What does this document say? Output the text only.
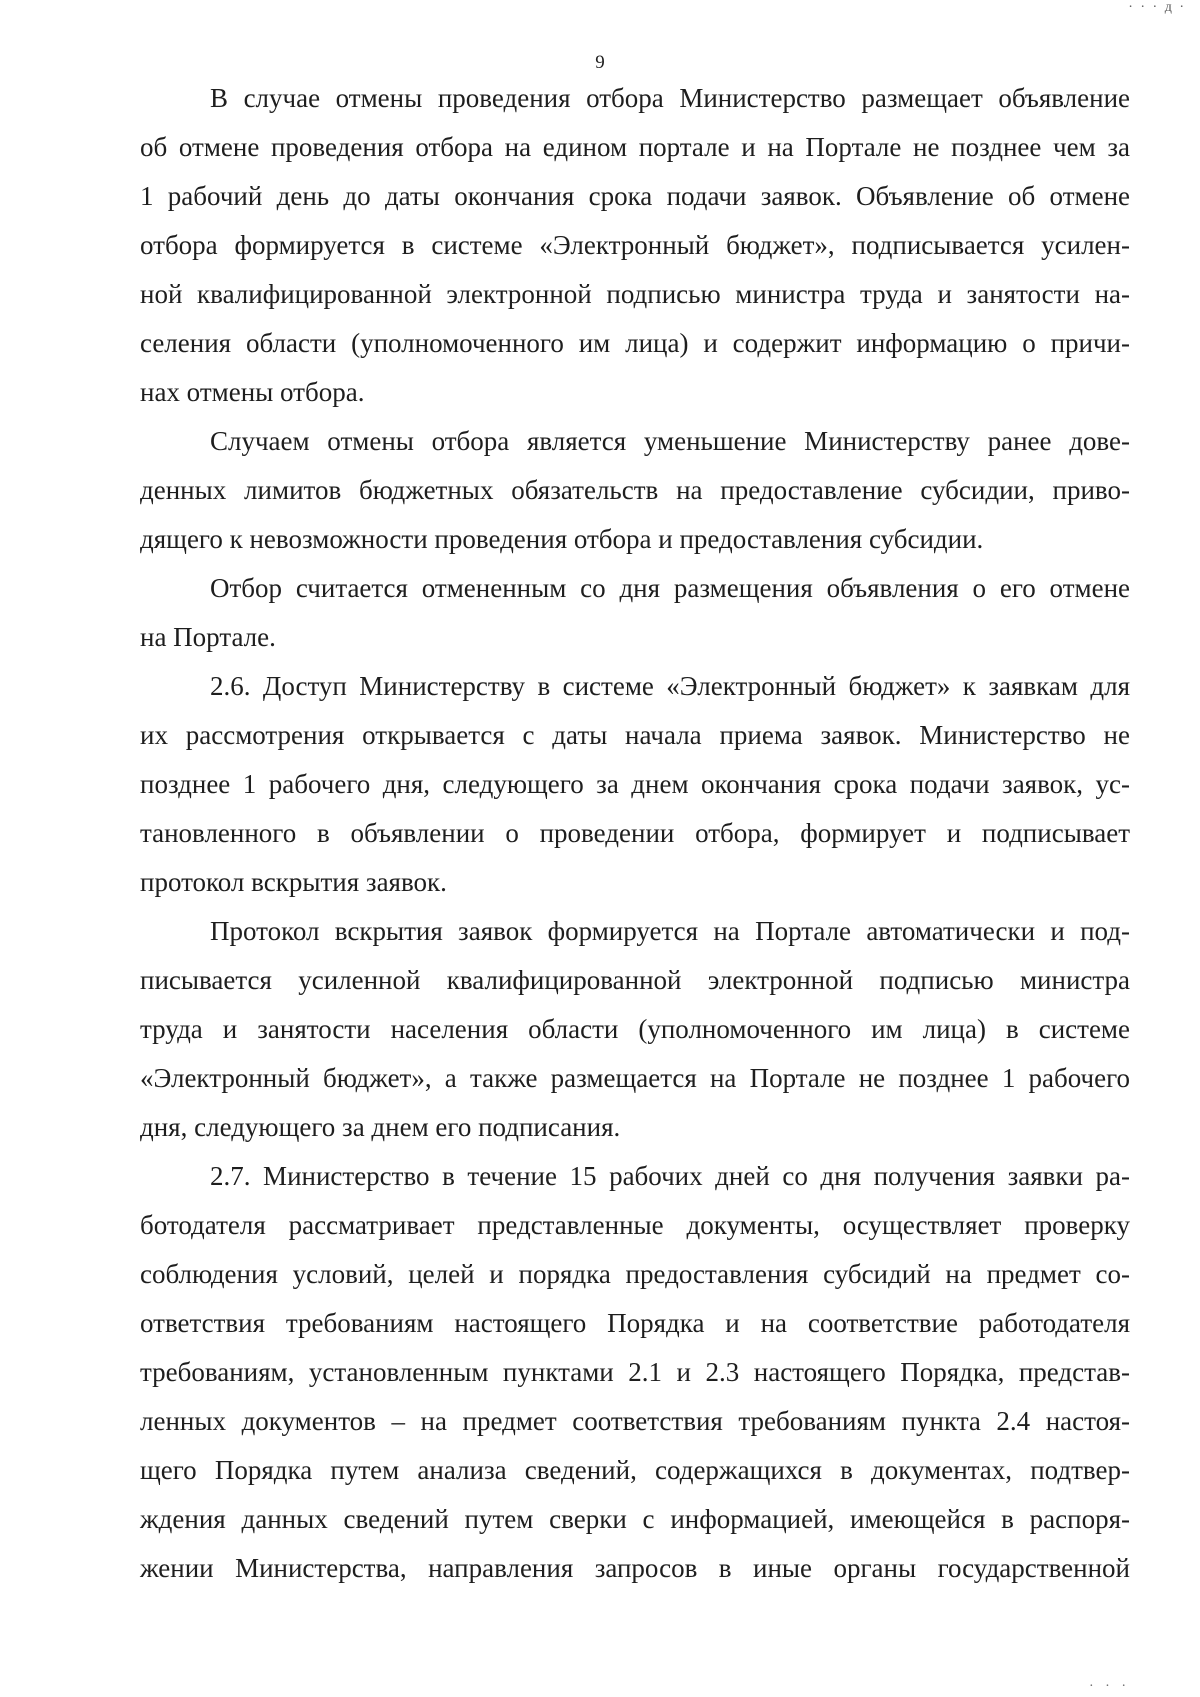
· · · д ·
9

В случае отмены проведения отбора Министерство размещает объявление
об отмене проведения отбора на едином портале и на Портале не позднее чем за
1 рабочий день до даты окончания срока подачи заявок. Объявление об отмене
отбора формируется в системе «Электронный бюджет», подписывается усилен-
ной квалифицированной электронной подписью министра труда и занятости на-
селения области (уполномоченного им лица) и содержит информацию о причи-
нах отмены отбора.

Случаем отмены отбора является уменьшение Министерству ранее дове-
денных лимитов бюджетных обязательств на предоставление субсидии, приво-
дящего к невозможности проведения отбора и предоставления субсидии.

Отбор считается отмененным со дня размещения объявления о его отмене
на Портале.

2.6. Доступ Министерству в системе «Электронный бюджет» к заявкам для
их рассмотрения открывается с даты начала приема заявок. Министерство не
позднее 1 рабочего дня, следующего за днем окончания срока подачи заявок, ус-
тановленного в объявлении о проведении отбора, формирует и подписывает
протокол вскрытия заявок.

Протокол вскрытия заявок формируется на Портале автоматически и под-
писывается усиленной квалифицированной электронной подписью министра
труда и занятости населения области (уполномоченного им лица) в системе
«Электронный бюджет», а также размещается на Портале не позднее 1 рабочего
дня, следующего за днем его подписания.

2.7. Министерство в течение 15 рабочих дней со дня получения заявки ра-
ботодателя рассматривает представленные документы, осуществляет проверку
соблюдения условий, целей и порядка предоставления субсидий на предмет со-
ответствия требованиям настоящего Порядка и на соответствие работодателя
требованиям, установленным пунктами 2.1 и 2.3 настоящего Порядка, представ-
ленных документов – на предмет соответствия требованиям пункта 2.4 настоя-
щего Порядка путем анализа сведений, содержащихся в документах, подтвер-
ждения данных сведений путем сверки с информацией, имеющейся в распоря-
жении Министерства, направления запросов в иные органы государственной

· · ·
